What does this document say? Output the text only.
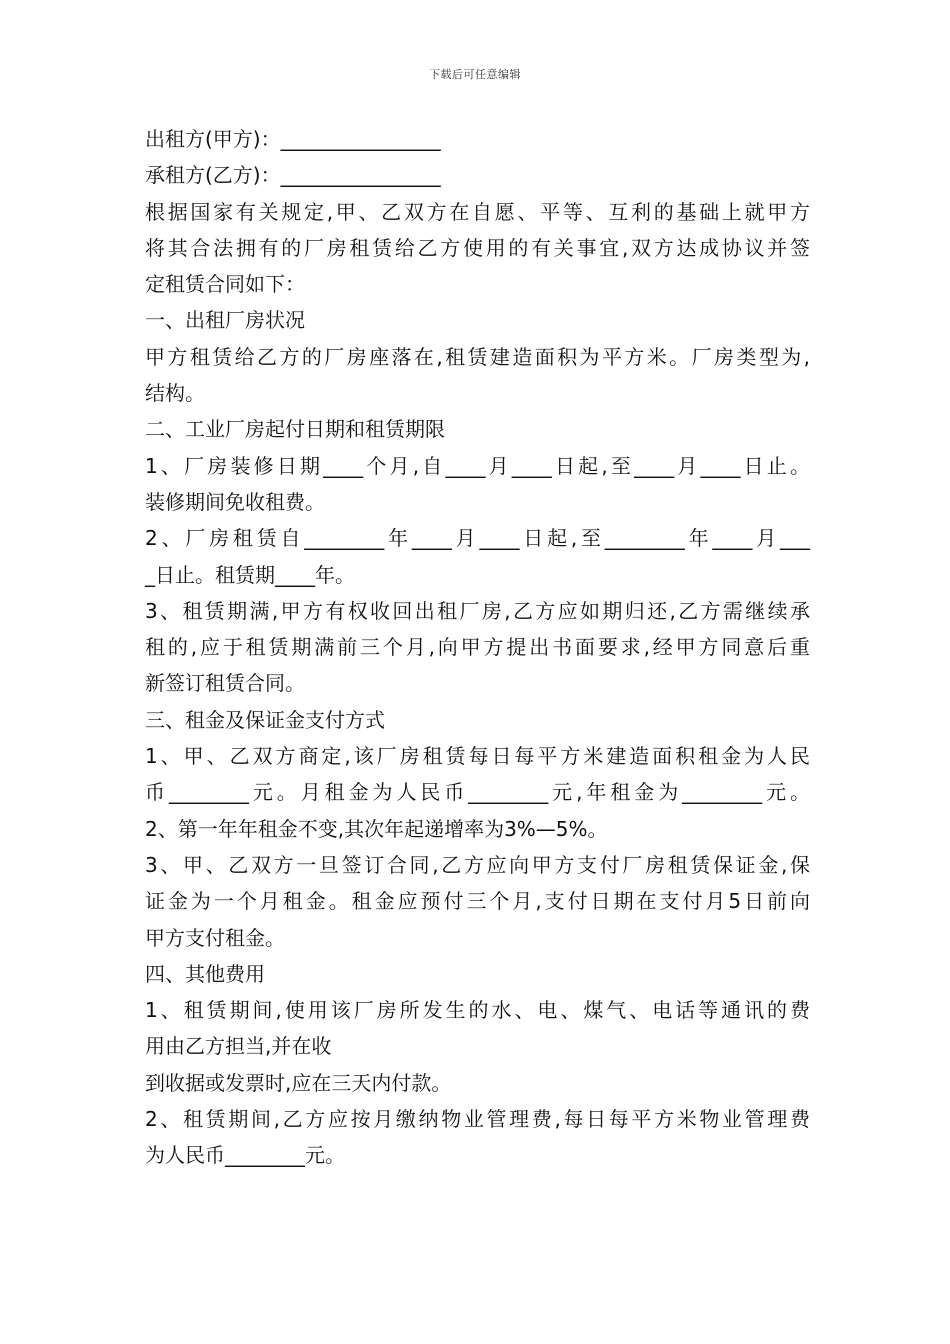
下载后可任意编辑
出租方(甲方)：________________
承租方(乙方)：________________
根据国家有关规定,甲、乙双方在自愿、平等、互利的基础上就甲方
将其合法拥有的厂房租赁给乙方使用的有关事宜,双方达成协议并签
定租赁合同如下：
一、出租厂房状况
甲方租赁给乙方的厂房座落在,租赁建造面积为平方米。厂房类型为,
结构。
二、工业厂房起付日期和租赁期限
1、厂房装修日期____个月,自____月____日起,至____月____日止。
装修期间免收租费。
2、厂房租赁自________年____月____日起,至________年____月___
_日止。租赁期____年。
3、租赁期满,甲方有权收回出租厂房,乙方应如期归还,乙方需继续承
租的,应于租赁期满前三个月,向甲方提出书面要求,经甲方同意后重
新签订租赁合同。
三、租金及保证金支付方式
1、甲、乙双方商定,该厂房租赁每日每平方米建造面积租金为人民
币________元。月租金为人民币________元,年租金为________元。
2、第一年年租金不变,其次年起递增率为3%—5%。
3、甲、乙双方一旦签订合同,乙方应向甲方支付厂房租赁保证金,保
证金为一个月租金。租金应预付三个月,支付日期在支付月5日前向
甲方支付租金。
四、其他费用
1、租赁期间,使用该厂房所发生的水、电、煤气、电话等通讯的费
用由乙方担当,并在收
到收据或发票时,应在三天内付款。
2、租赁期间,乙方应按月缴纳物业管理费,每日每平方米物业管理费
为人民币________元。
